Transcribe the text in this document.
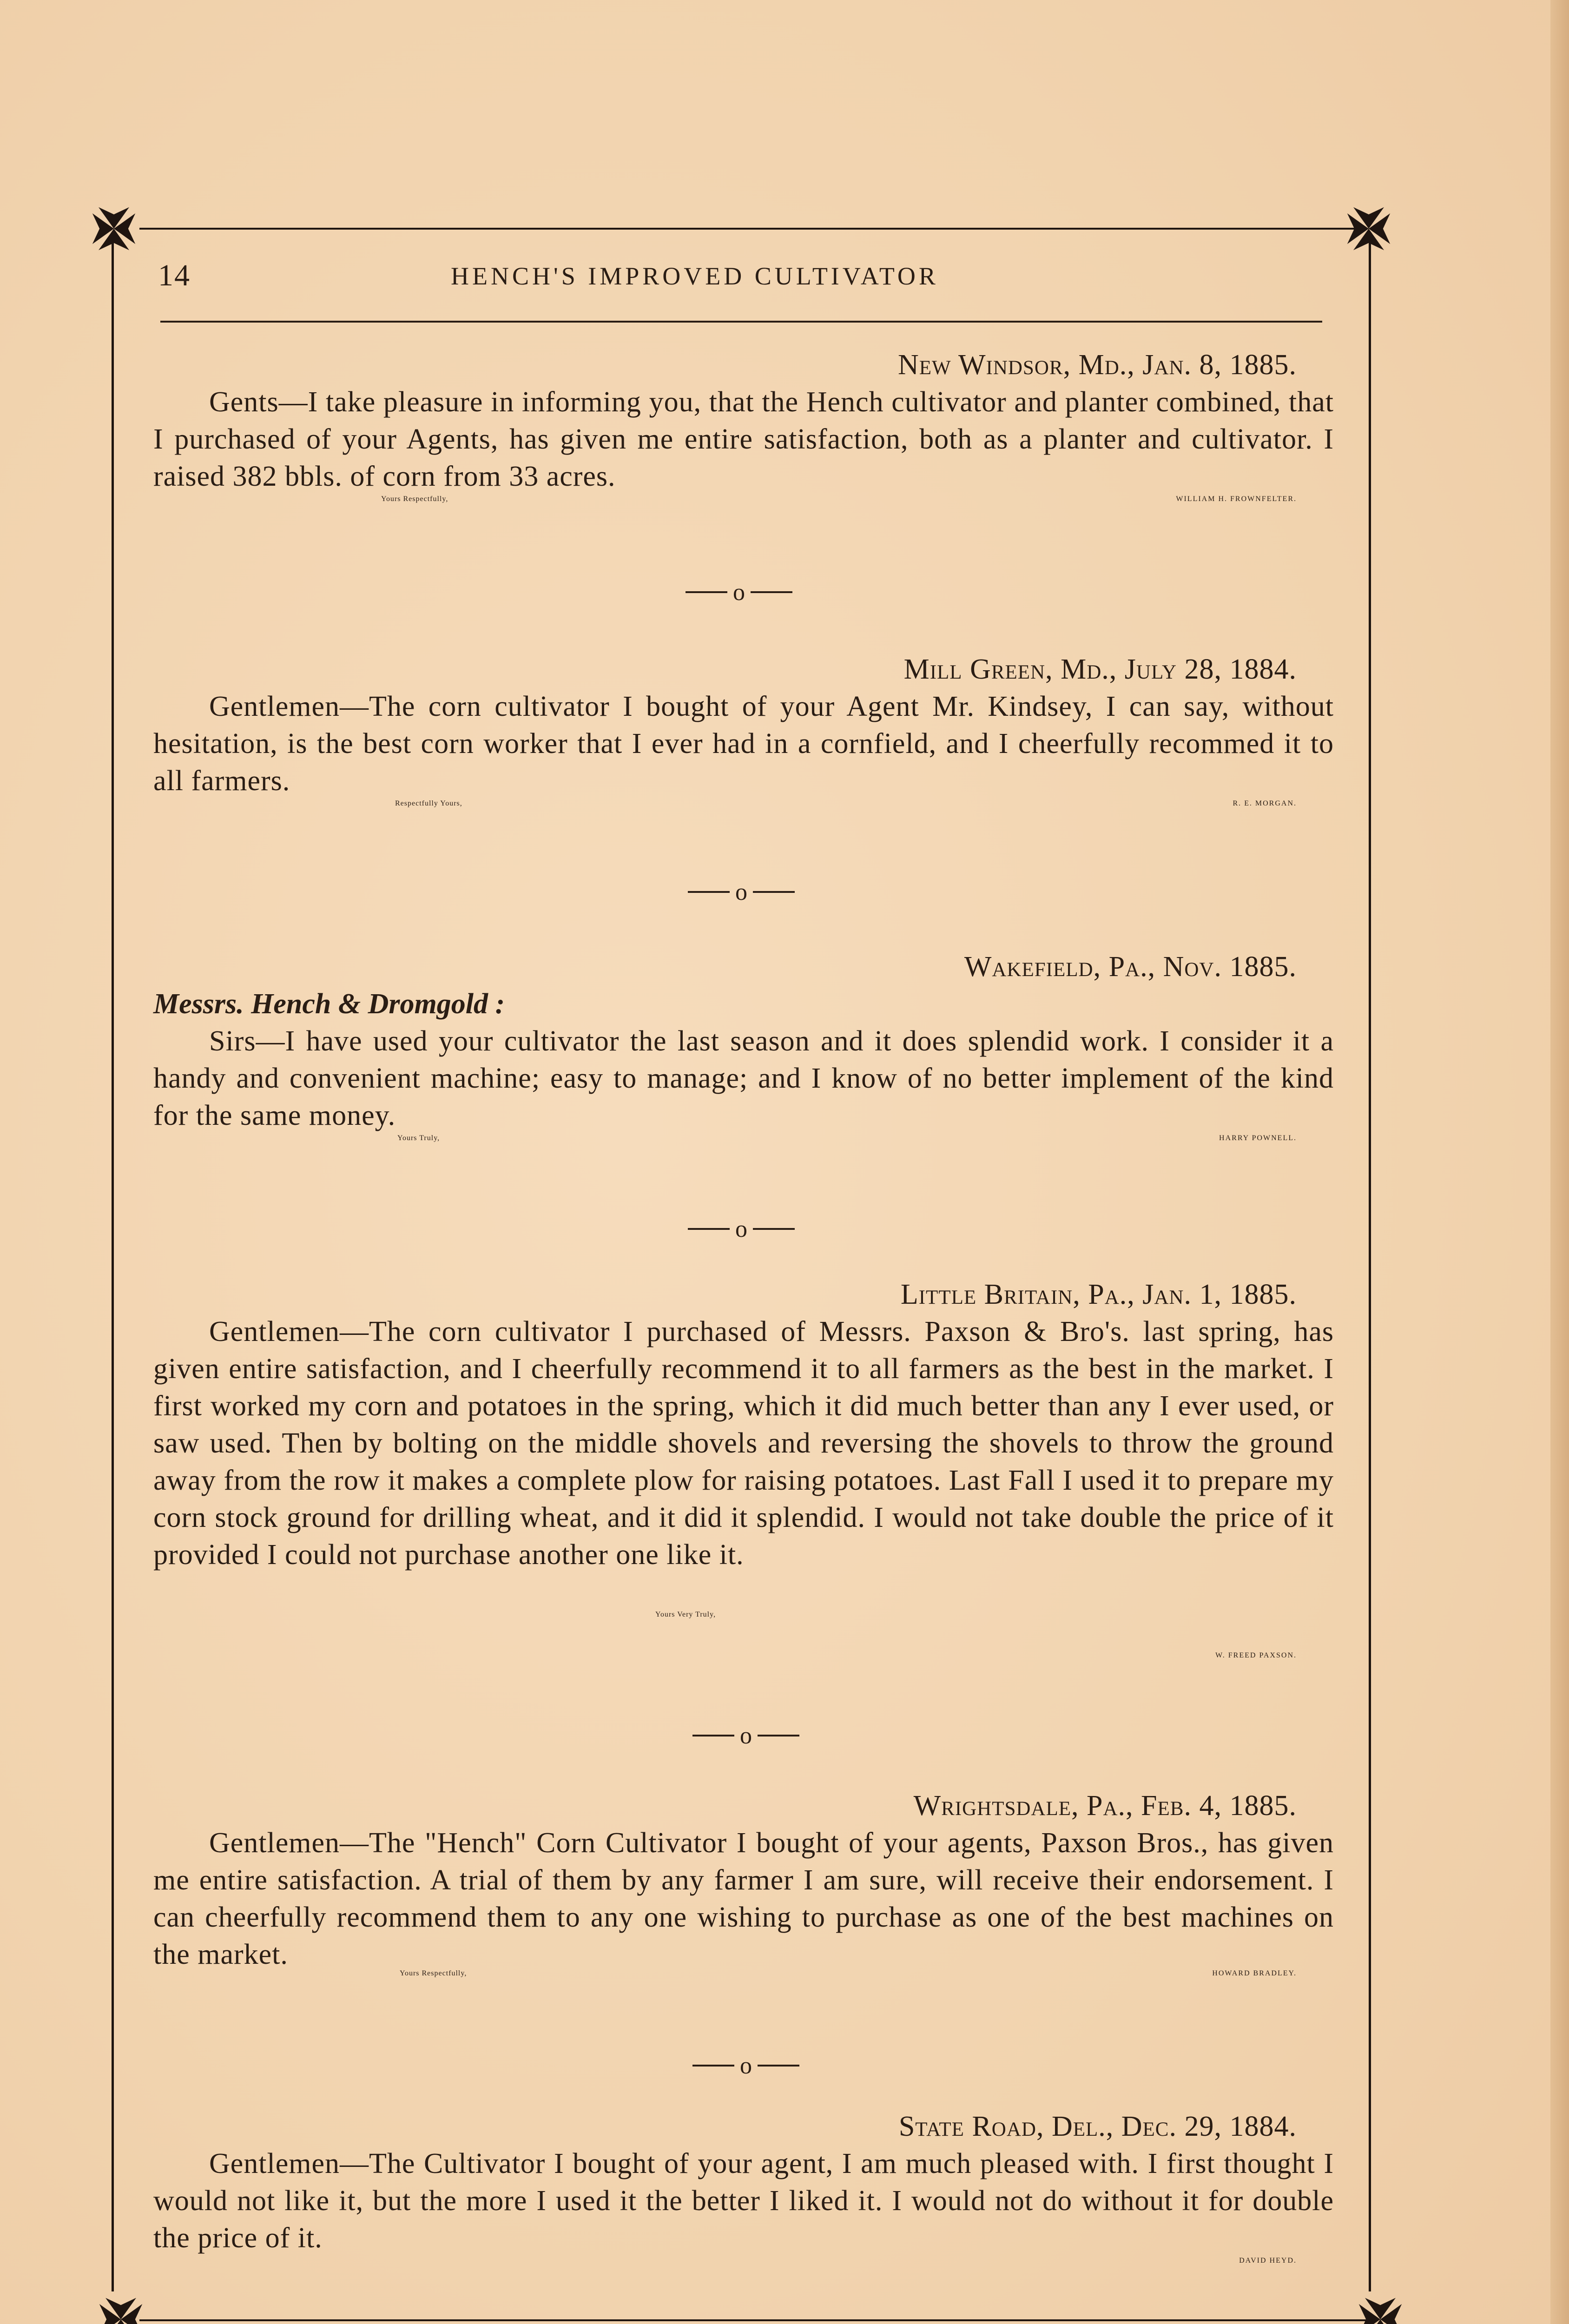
14	HENCH'S IMPROVED CULTIVATOR
New Windsor, Md., Jan. 8, 1885.
Gents—I take pleasure in informing you, that the Hench cultivator and planter combined, that I purchased of your Agents, has given me entire satisfaction, both as a planter and cultivator. I raised 382 bbls. of corn from 33 acres.
Yours Respectfully,	WILLIAM H. FROWNFELTER.
o
Mill Green, Md., July 28, 1884.
Gentlemen—The corn cultivator I bought of your Agent Mr. Kindsey, I can say, without hesitation, is the best corn worker that I ever had in a cornfield, and I cheerfully recommed it to all farmers.
Respectfully Yours,	R. E. MORGAN.
o
Wakefield, Pa., Nov. 1885.
Messrs. Hench & Dromgold :
Sirs—I have used your cultivator the last season and it does splendid work. I consider it a handy and convenient machine; easy to manage; and I know of no better implement of the kind for the same money.
Yours Truly,	HARRY POWNELL.
o
Little Britain, Pa., Jan. 1, 1885.
Gentlemen—The corn cultivator I purchased of Messrs. Paxson & Bro's. last spring, has given entire satisfaction, and I cheerfully recommend it to all farmers as the best in the market. I first worked my corn and potatoes in the spring, which it did much better than any I ever used, or saw used. Then by bolting on the middle shovels and reversing the shovels to throw the ground away from the row it makes a complete plow for raising potatoes. Last Fall I used it to prepare my corn stock ground for drilling wheat, and it did it splendid. I would not take double the price of it provided I could not purchase another one like it.
Yours Very Truly,
W. FREED PAXSON.
o
Wrightsdale, Pa., Feb. 4, 1885.
Gentlemen—The "Hench" Corn Cultivator I bought of your agents, Paxson Bros., has given me entire satisfaction. A trial of them by any farmer I am sure, will receive their endorsement. I can cheerfully recommend them to any one wishing to purchase as one of the best machines on the market.
Yours Respectfully,	HOWARD BRADLEY.
o
State Road, Del., Dec. 29, 1884.
Gentlemen—The Cultivator I bought of your agent, I am much pleased with. I first thought I would not like it, but the more I used it the better I liked it. I would not do without it for double the price of it.
DAVID HEYD.
